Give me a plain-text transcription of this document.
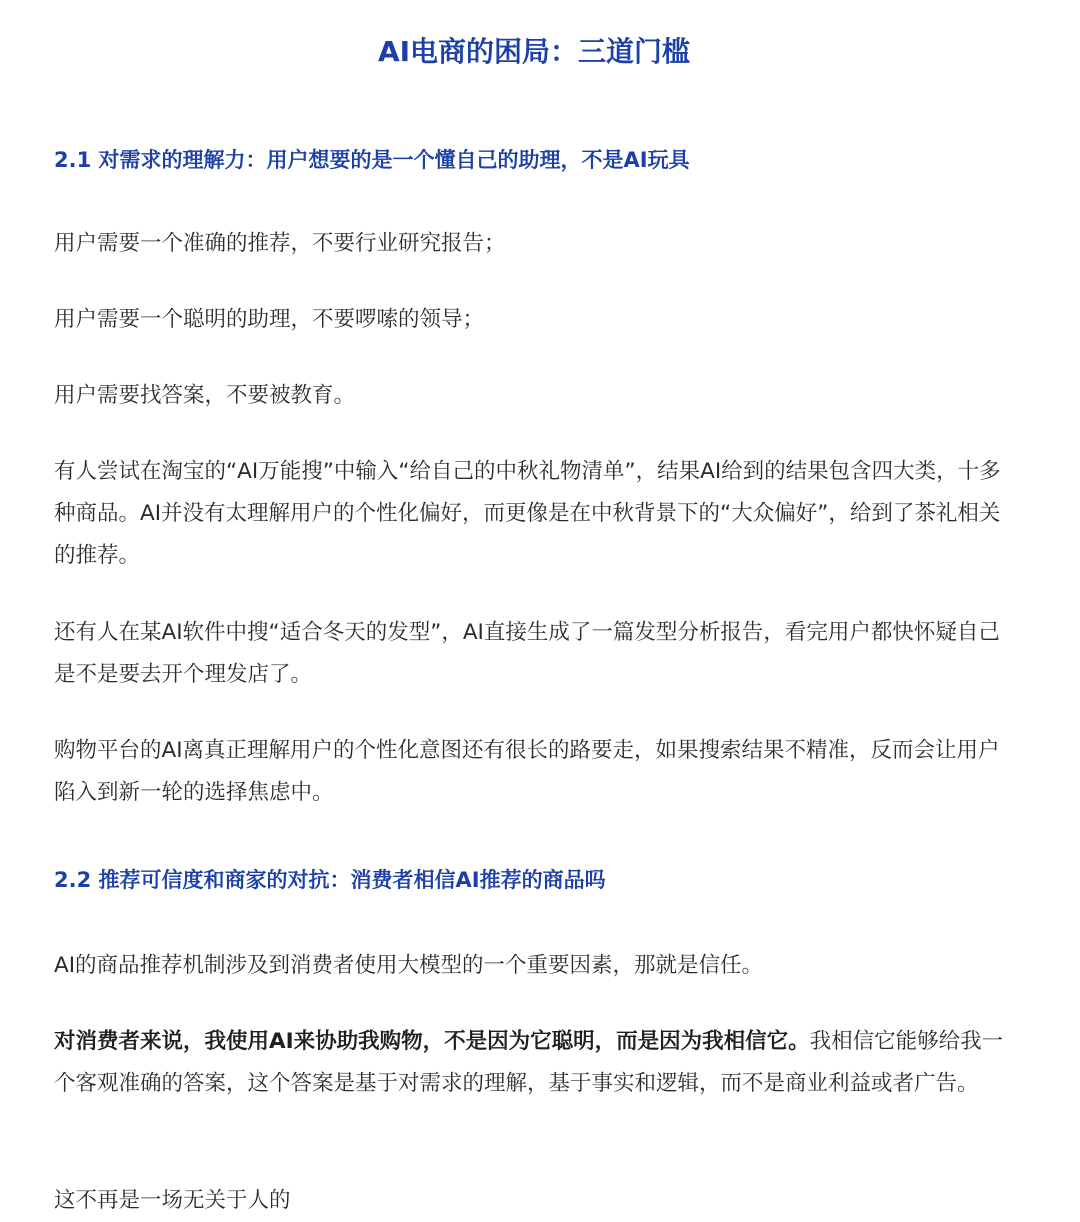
AI电商的困局：三道门槛
2.1 对需求的理解力：用户想要的是一个懂自己的助理，不是AI玩具

用户需要一个准确的推荐，不要行业研究报告；

用户需要一个聪明的助理，不要啰嗦的领导；

用户需要找答案，不要被教育。

有人尝试在淘宝的“AI万能搜”中输入“给自己的中秋礼物清单”，结果AI给到的结果包含四大类，十多种商品。AI并没有太理解用户的个性化偏好，而更像是在中秋背景下的“大众偏好”，给到了茶礼相关的推荐。

还有人在某AI软件中搜“适合冬天的发型”，AI直接生成了一篇发型分析报告，看完用户都快怀疑自己是不是要去开个理发店了。

购物平台的AI离真正理解用户的个性化意图还有很长的路要走，如果搜索结果不精准，反而会让用户陷入到新一轮的选择焦虑中。

2.2 推荐可信度和商家的对抗：消费者相信AI推荐的商品吗

AI的商品推荐机制涉及到消费者使用大模型的一个重要因素，那就是信任。

对消费者来说，我使用AI来协助我购物，不是因为它聪明，而是因为我相信它。我相信它能够给我一个客观准确的答案，这个答案是基于对需求的理解，基于事实和逻辑，而不是商业利益或者广告。

这不再是一场无关于人的
